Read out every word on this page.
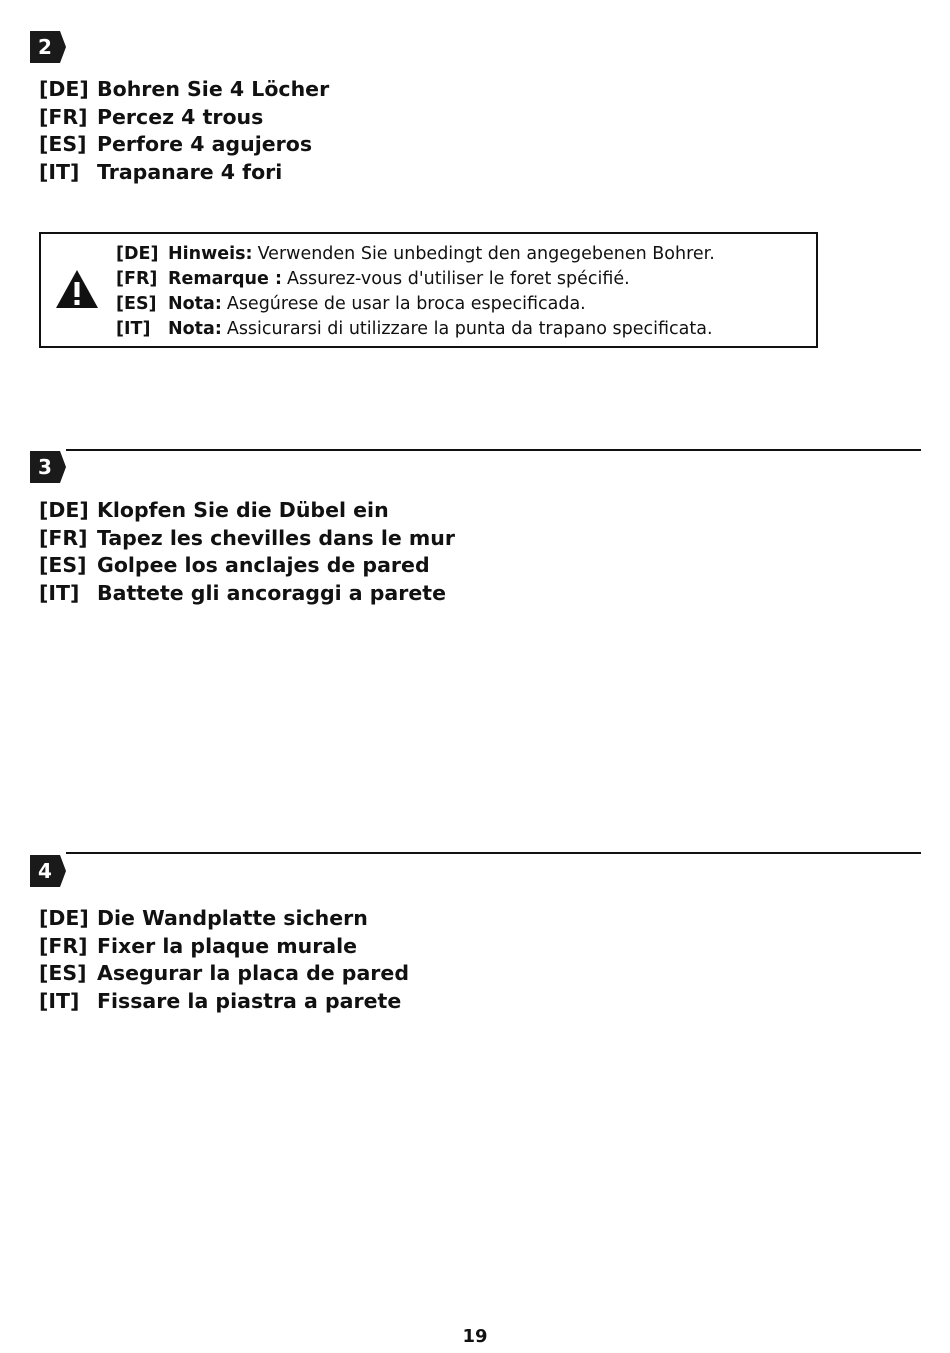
2
[DE] Bohren Sie 4 Löcher
[FR] Percez 4 trous
[ES] Perfore 4 agujeros
[IT] Trapanare 4 fori
[DE] Hinweis: Verwenden Sie unbedingt den angegebenen Bohrer.
[FR] Remarque : Assurez-vous d'utiliser le foret spécifié.
[ES] Nota: Asegúrese de usar la broca especificada.
[IT]	Nota: Assicurarsi di utilizzare la punta da trapano specificata.
3
[DE] Klopfen Sie die Dübel ein
[FR] Tapez les chevilles dans le mur
[ES] Golpee los anclajes de pared
[IT] Battete gli ancoraggi a parete
4
[DE] Die Wandplatte sichern
[FR] Fixer la plaque murale
[ES] Asegurar la placa de pared
[IT] Fissare la piastra a parete
19
